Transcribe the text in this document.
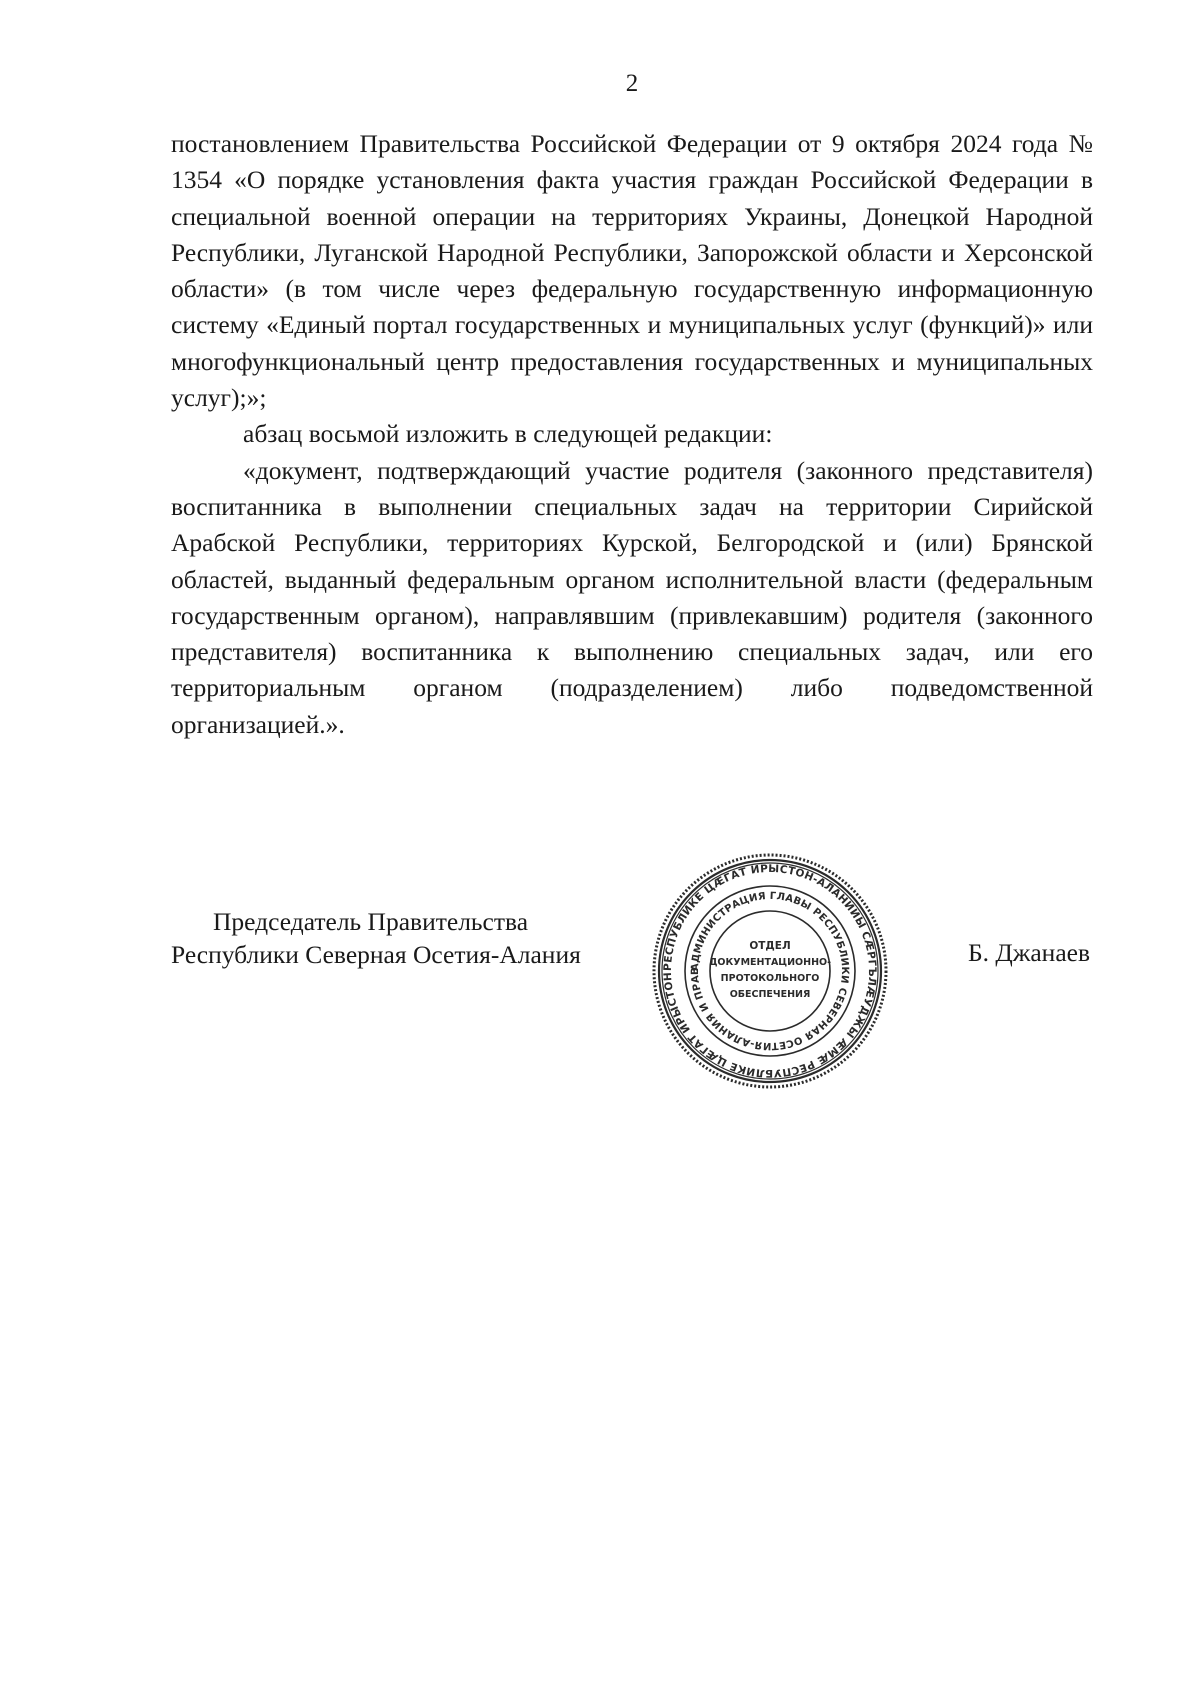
2

постановлением Правительства Российской Федерации от 9 октября 2024 года № 1354 «О порядке установления факта участия граждан Российской Федерации в специальной военной операции на территориях Украины, Донецкой Народной Республики, Луганской Народной Республики, Запорожской области и Херсонской области» (в том числе через федеральную государственную информационную систему «Единый портал государственных и муниципальных услуг (функций)» или многофункциональный центр предоставления государственных и муниципальных услуг);»;

абзац восьмой изложить в следующей редакции:

«документ, подтверждающий участие родителя (законного представителя) воспитанника в выполнении специальных задач на территории Сирийской Арабской Республики, территориях Курской, Белгородской и (или) Брянской областей, выданный федеральным органом исполнительной власти (федеральным государственным органом), направлявшим (привлекавшим) родителя (законного представителя) воспитанника к выполнению специальных задач, или его территориальным органом (подразделением) либо подведомственной организацией.».

Председатель Правительства
Республики Северная Осетия-Алания	РЕСПУБЛИКЕ ЦÆГАТ ИРЫСТОН-АЛАНИЙЫ СÆРГЪЛÆУДЖЫ ÆМÆ РЕСПУБЛИКЕ ЦÆГАТ ИРЫСТОН
АДМИНИСТРАЦИЯ ГЛАВЫ РЕСПУБЛИКИ СЕВЕРНАЯ ОСЕТИЯ-АЛАНИЯ И ПРАВ
ОТДЕЛ
ДОКУМЕНТАЦИОННО-
ПРОТОКОЛЬНОГО
ОБЕСПЕЧЕНИЯ
Б. Джанаев
